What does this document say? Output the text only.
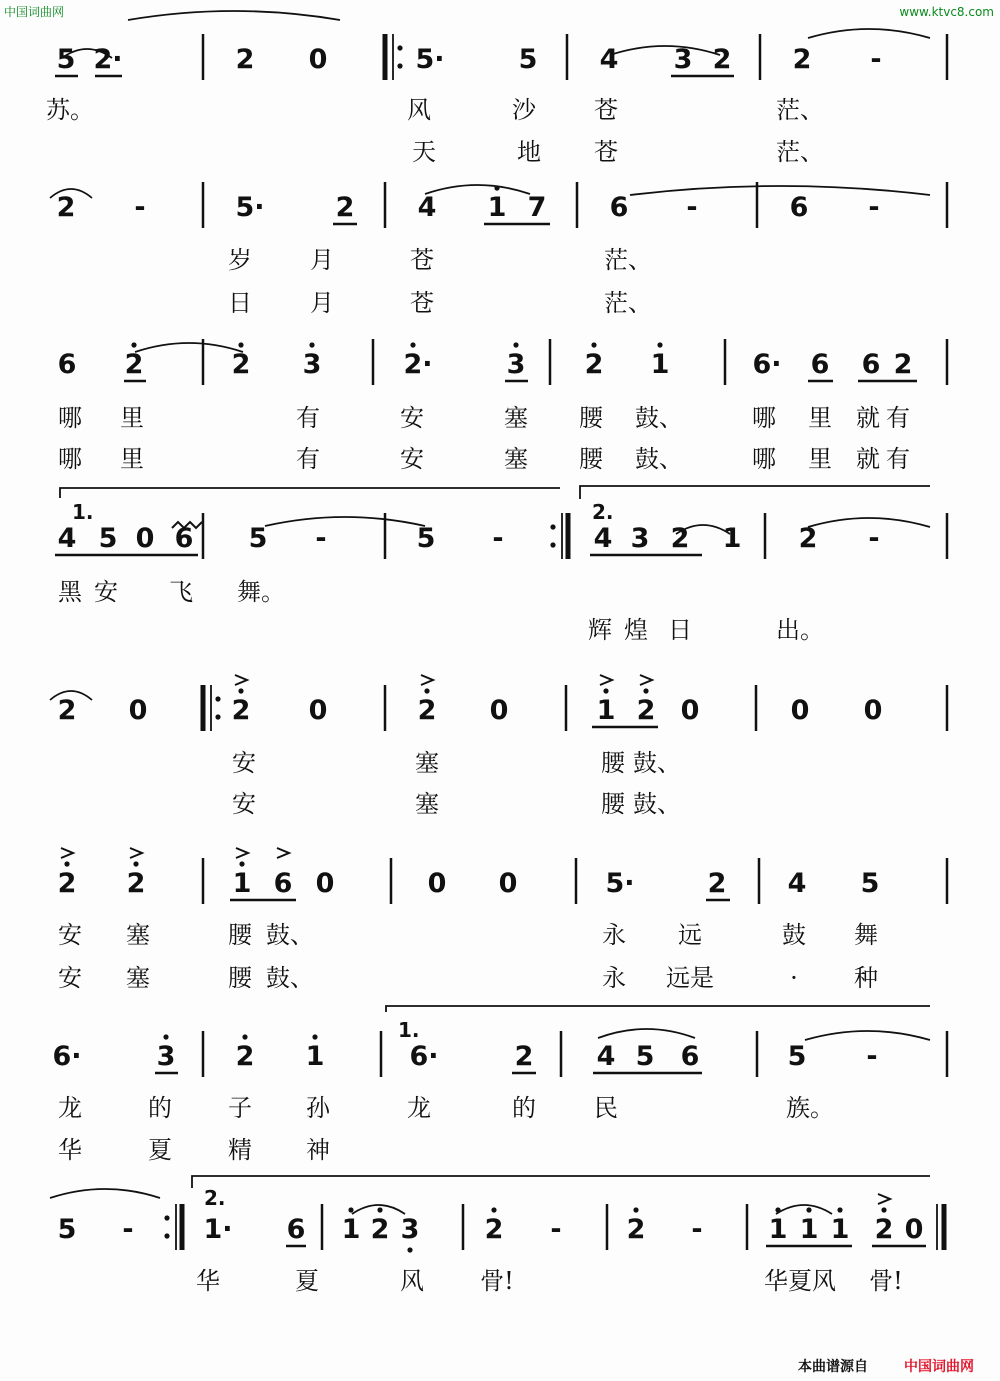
中国词曲网	www.ktvc8.com
5 2·	2 0	5·	5 4 3 2 2 -
苏。	风	沙 苍	茫、
天	地 苍	茫、
2 -	5·	2 4 1 7 6 -	6 -
岁 月	苍	茫、
日 月	苍	茫、
6 2	2 3	2·	3 2 1	6· 6 6 2
哪 里	有	安	塞 腰 鼓、	哪 里 就 有
哪 里	有	安	塞 腰 鼓、	哪 里 就 有
4 5 0 6 5 -	5 -	4 3 2 1 2 -
1.	2.
黑 安 飞 舞。
辉 煌 日	出。
2 0	2 0	2 0	1 2 0	0 0
安	塞	腰 鼓、
安	塞	腰 鼓、
2 2	1 6 0	0 0	5·	2 4 5
安 塞	腰 鼓、	永 远	鼓 舞
安 塞	腰 鼓、	永 远是	· 种
6·	3 2 1	6·	2 4 5 6	5 -
1.
龙	的 子 孙	龙	的 民	族。
华	夏 精 神
5 -	1· 6 1 2 3 2 - 2 - 1 1 1 2 0
2.
华	夏	风 骨!	华夏风 骨!
本曲谱源自	中国词曲网
